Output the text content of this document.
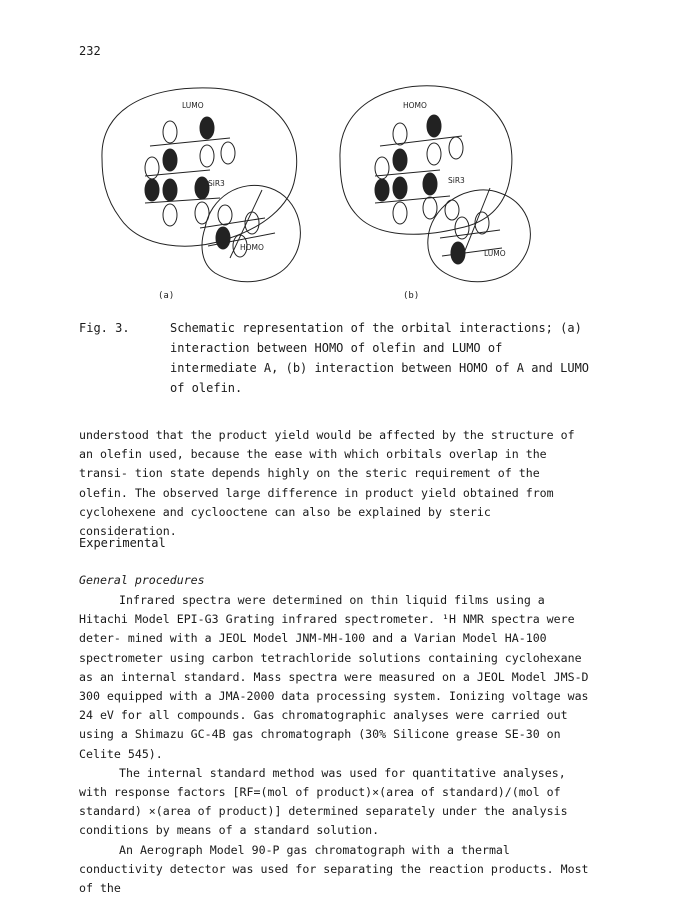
232
LUMO
HOMO
SiR3
HOMO
LUMO
SiR3
(a)	(b)
Fig. 3.	Schematic representation of the orbital interactions; (a) interaction between HOMO of olefin and LUMO of intermediate A, (b) interaction between HOMO of A and LUMO of olefin.

understood that the product yield would be affected by the structure of an olefin used, because the ease with which orbitals overlap in the transi- tion state depends highly on the steric requirement of the olefin. The observed large difference in product yield obtained from cyclohexene and cyclooctene can also be explained by steric consideration.

Experimental
General procedures

Infrared spectra were determined on thin liquid films using a Hitachi Model EPI-G3 Grating infrared spectrometer. ¹H NMR spectra were deter- mined with a JEOL Model JNM-MH-100 and a Varian Model HA-100 spectrometer using carbon tetrachloride solutions containing cyclohexane as an internal standard. Mass spectra were measured on a JEOL Model JMS-D 300 equipped with a JMA-2000 data processing system. Ionizing voltage was 24 eV for all compounds. Gas chromatographic analyses were carried out using a Shimazu GC-4B gas chromatograph (30% Silicone grease SE-30 on Celite 545).

The internal standard method was used for quantitative analyses, with response factors [RF=(mol of product)×(area of standard)/(mol of standard) ×(area of product)] determined separately under the analysis conditions by means of a standard solution.

An Aerograph Model 90-P gas chromatograph with a thermal conductivity detector was used for separating the reaction products. Most of the
